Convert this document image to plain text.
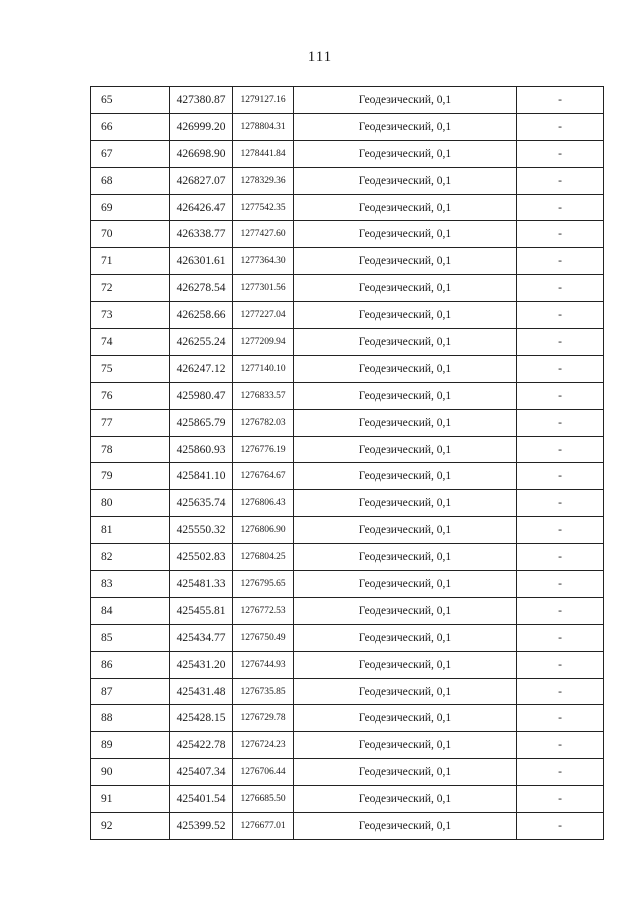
111
65	427380.87	1279127.16	Геодезический, 0,1	-
66	426999.20	1278804.31	Геодезический, 0,1	-
67	426698.90	1278441.84	Геодезический, 0,1	-
68	426827.07	1278329.36	Геодезический, 0,1	-
69	426426.47	1277542.35	Геодезический, 0,1	-
70	426338.77	1277427.60	Геодезический, 0,1	-
71	426301.61	1277364.30	Геодезический, 0,1	-
72	426278.54	1277301.56	Геодезический, 0,1	-
73	426258.66	1277227.04	Геодезический, 0,1	-
74	426255.24	1277209.94	Геодезический, 0,1	-
75	426247.12	1277140.10	Геодезический, 0,1	-
76	425980.47	1276833.57	Геодезический, 0,1	-
77	425865.79	1276782.03	Геодезический, 0,1	-
78	425860.93	1276776.19	Геодезический, 0,1	-
79	425841.10	1276764.67	Геодезический, 0,1	-
80	425635.74	1276806.43	Геодезический, 0,1	-
81	425550.32	1276806.90	Геодезический, 0,1	-
82	425502.83	1276804.25	Геодезический, 0,1	-
83	425481.33	1276795.65	Геодезический, 0,1	-
84	425455.81	1276772.53	Геодезический, 0,1	-
85	425434.77	1276750.49	Геодезический, 0,1	-
86	425431.20	1276744.93	Геодезический, 0,1	-
87	425431.48	1276735.85	Геодезический, 0,1	-
88	425428.15	1276729.78	Геодезический, 0,1	-
89	425422.78	1276724.23	Геодезический, 0,1	-
90	425407.34	1276706.44	Геодезический, 0,1	-
91	425401.54	1276685.50	Геодезический, 0,1	-
92	425399.52	1276677.01	Геодезический, 0,1	-
